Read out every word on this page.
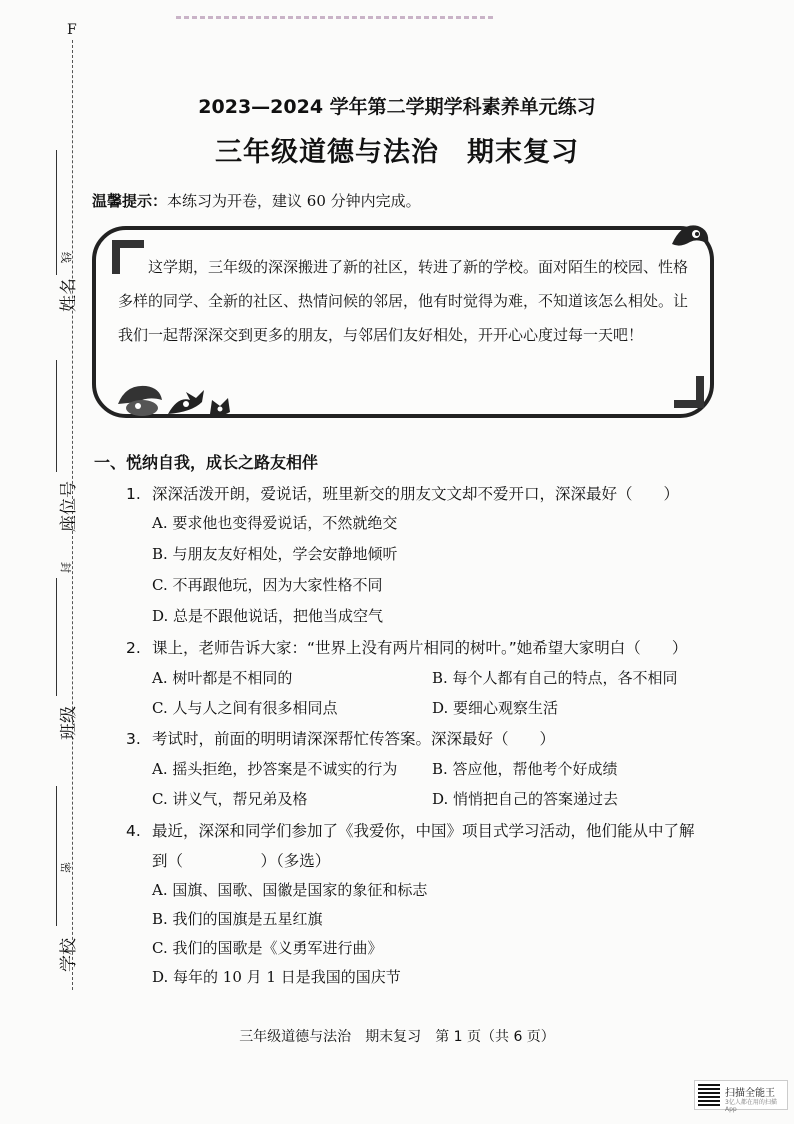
F
线
封
密
姓名
座位号
班级
学校
2023—2024 学年第二学期学科素养单元练习
三年级道德与法治 期末复习
温馨提示：本练习为开卷，建议 60 分钟内完成。
这学期，三年级的深深搬进了新的社区，转进了新的学校。面对陌生的校园、性格多样的同学、全新的社区、热情问候的邻居，他有时觉得为难，不知道该怎么相处。让我们一起帮深深交到更多的朋友，与邻居们友好相处，开开心心度过每一天吧！
一、悦纳自我，成长之路友相伴
1. 深深活泼开朗，爱说话，班里新交的朋友文文却不爱开口，深深最好（　　）
A. 要求他也变得爱说话，不然就绝交
B. 与朋友友好相处，学会安静地倾听
C. 不再跟他玩，因为大家性格不同
D. 总是不跟他说话，把他当成空气
2. 课上，老师告诉大家：“世界上没有两片相同的树叶。”她希望大家明白（　　）
A. 树叶都是不相同的	B. 每个人都有自己的特点，各不相同
C. 人与人之间有很多相同点	D. 要细心观察生活
3. 考试时，前面的明明请深深帮忙传答案。深深最好（　　）
A. 摇头拒绝，抄答案是不诚实的行为 B. 答应他，帮他考个好成绩
C. 讲义气，帮兄弟及格	D. 悄悄把自己的答案递过去
4. 最近，深深和同学们参加了《我爱你，中国》项目式学习活动，他们能从中了解
到（　　　　　）（多选）
A. 国旗、国歌、国徽是国家的象征和标志
B. 我们的国旗是五星红旗
C. 我们的国歌是《义勇军进行曲》
D. 每年的 10 月 1 日是我国的国庆节
三年级道德与法治 期末复习 第 1 页（共 6 页）
扫描全能王
3亿人都在用的扫描App
